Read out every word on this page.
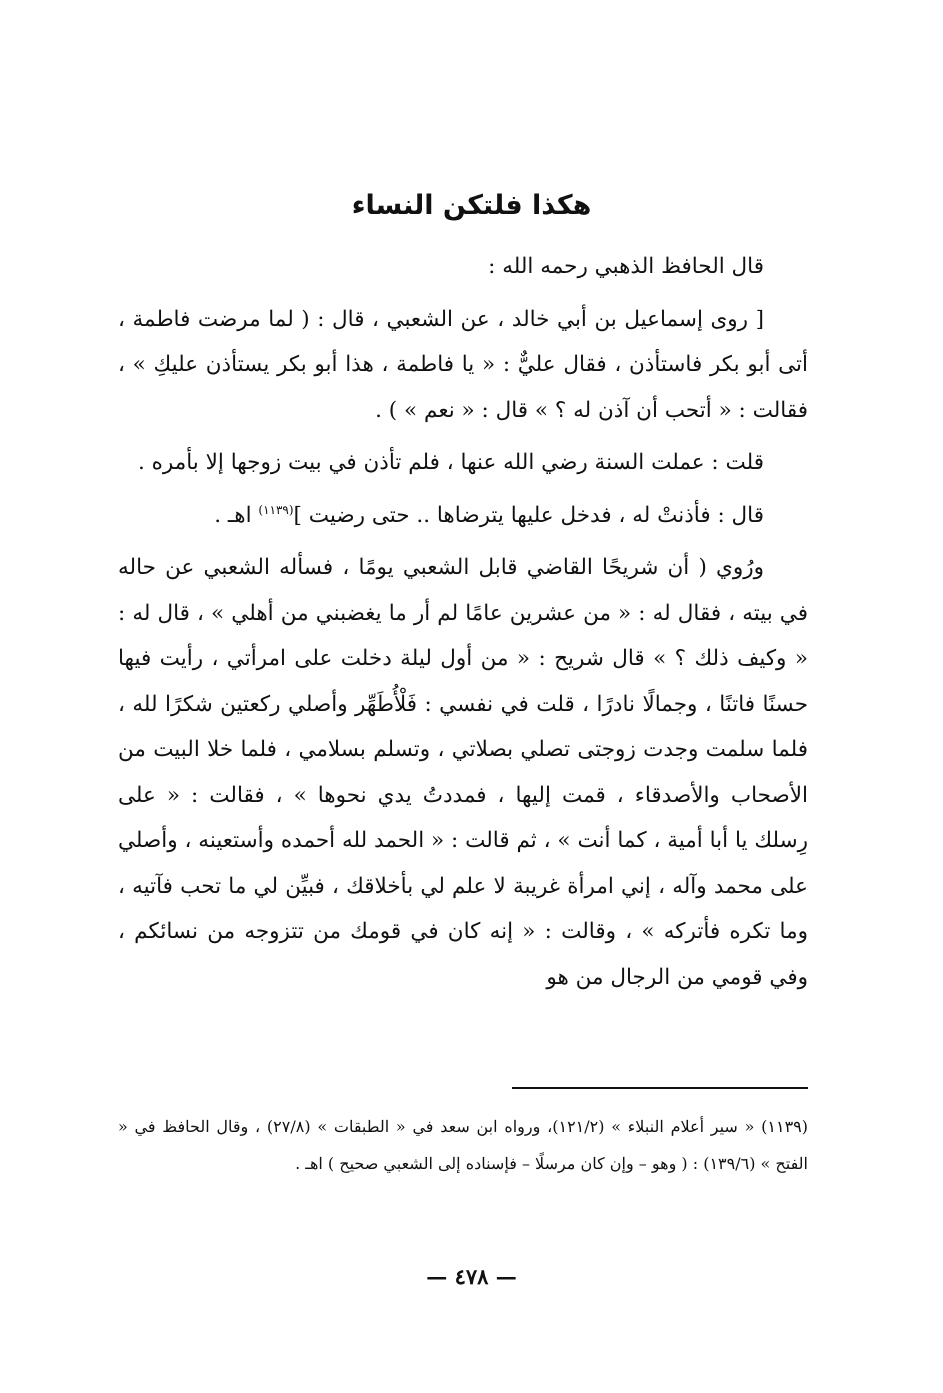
هكذا فلتكن النساء

قال الحافظ الذهبي رحمه الله :

[ روى إسماعيل بن أبي خالد ، عن الشعبي ، قال : ( لما مرضت فاطمة ، أتى أبو بكر فاستأذن ، فقال عليٌّ : « يا فاطمة ، هذا أبو بكر يستأذن عليكِ » ، فقالت : « أتحب أن آذن له ؟ » قال : « نعم » ) .

قلت : عملت السنة رضي الله عنها ، فلم تأذن في بيت زوجها إلا بأمره .

قال : فأذنتْ له ، فدخل عليها يترضاها .. حتى رضيت ]$^{(١١٣٩)}$ اهـ .

ورُوي ( أن شريحًا القاضي قابل الشعبي يومًا ، فسأله الشعبي عن حاله في بيته ، فقال له : « من عشرين عامًا لم أر ما يغضبني من أهلي » ، قال له : « وكيف ذلك ؟ » قال شريح : « من أول ليلة دخلت على امرأتي ، رأيت فيها حسنًا فاتنًا ، وجمالًا نادرًا ، قلت في نفسي : فَلْأُطَهِّر وأصلي ركعتين شكرًا لله ، فلما سلمت وجدت زوجتى تصلي بصلاتي ، وتسلم بسلامي ، فلما خلا البيت من الأصحاب والأصدقاء ، قمت إليها ، فمددتُ يدي نحوها » ، فقالت : « على رِسلك يا أبا أمية ، كما أنت » ، ثم قالت : « الحمد لله أحمده وأستعينه ، وأصلي على محمد وآله ، إني امرأة غريبة لا علم لي بأخلاقك ، فبيِّن لي ما تحب فآتيه ، وما تكره فأتركه » ، وقالت : « إنه كان في قومك من تتزوجه من نسائكم ، وفي قومي من الرجال من هو

(١١٣٩) « سير أعلام النبلاء » (١٢١/٢)، ورواه ابن سعد في « الطبقات » (٢٧/٨) ، وقال الحافظ في « الفتح » (١٣٩/٦) : ( وهو – وإن كان مرسلًا – فإسناده إلى الشعبي صحيح ) اهـ .
— ٤٧٨ —
